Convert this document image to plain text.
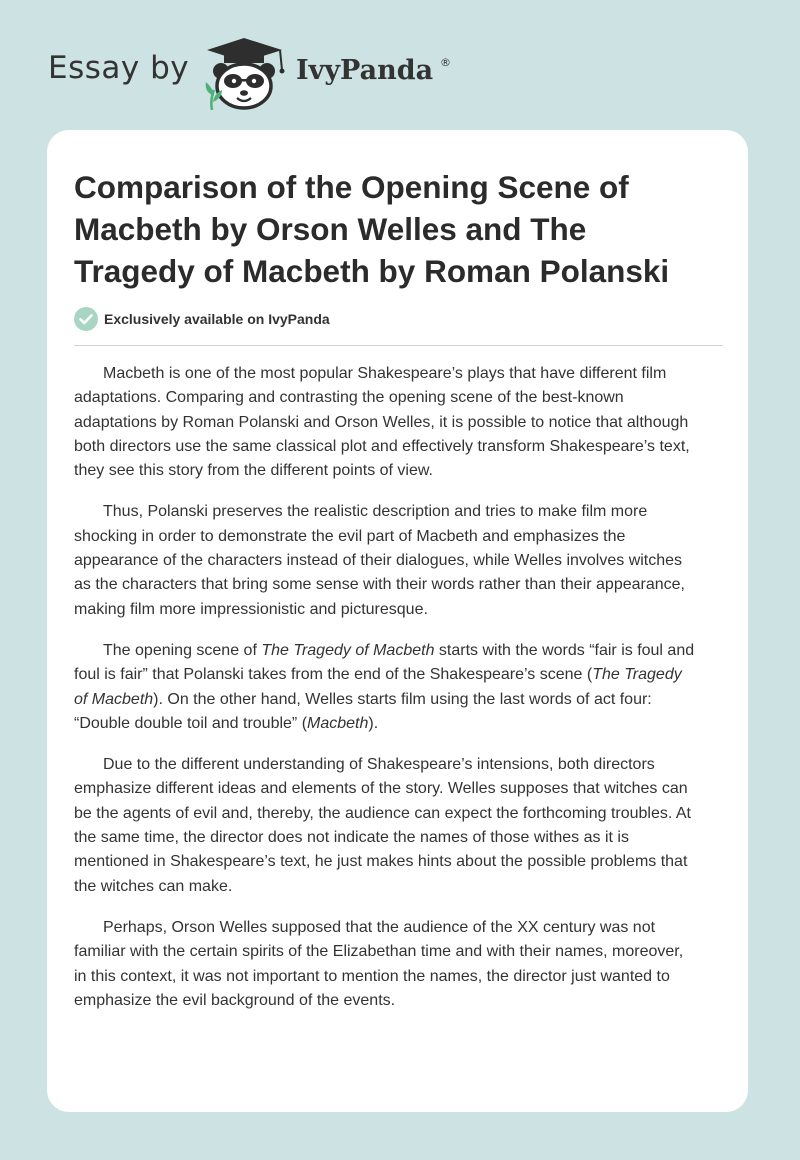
Essay by	IvyPanda ®
Comparison of the Opening Scene of
Macbeth by Orson Welles and The
Tragedy of Macbeth by Roman Polanski
Exclusively available on IvyPanda

Macbeth is one of the most popular Shakespeare’s plays that have different film
adaptations. Comparing and contrasting the opening scene of the best-known
adaptations by Roman Polanski and Orson Welles, it is possible to notice that although
both directors use the same classical plot and effectively transform Shakespeare’s text,
they see this story from the different points of view.

Thus, Polanski preserves the realistic description and tries to make film more
shocking in order to demonstrate the evil part of Macbeth and emphasizes the
appearance of the characters instead of their dialogues, while Welles involves witches
as the characters that bring some sense with their words rather than their appearance,
making film more impressionistic and picturesque.

The opening scene of The Tragedy of Macbeth starts with the words “fair is foul and
foul is fair” that Polanski takes from the end of the Shakespeare’s scene (The Tragedy
of Macbeth). On the other hand, Welles starts film using the last words of act four:
“Double double toil and trouble” (Macbeth).

Due to the different understanding of Shakespeare’s intensions, both directors
emphasize different ideas and elements of the story. Welles supposes that witches can
be the agents of evil and, thereby, the audience can expect the forthcoming troubles. At
the same time, the director does not indicate the names of those withes as it is
mentioned in Shakespeare’s text, he just makes hints about the possible problems that
the witches can make.

Perhaps, Orson Welles supposed that the audience of the XX century was not
familiar with the certain spirits of the Elizabethan time and with their names, moreover,
in this context, it was not important to mention the names, the director just wanted to
emphasize the evil background of the events.
